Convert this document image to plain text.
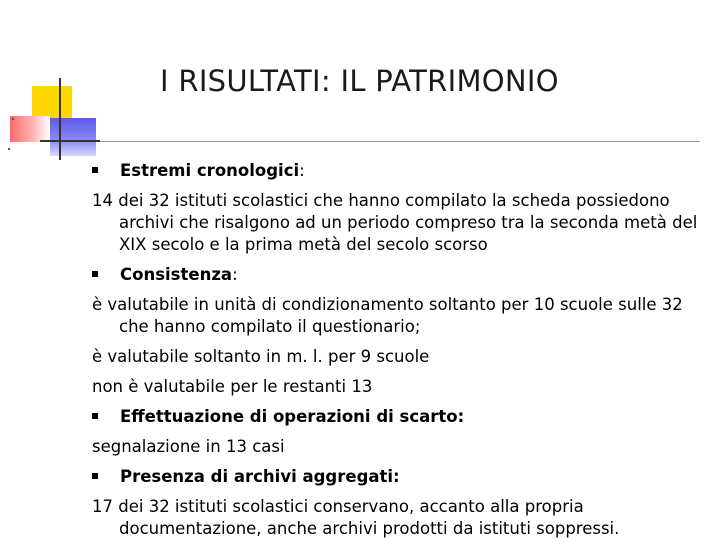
I RISULTATI: IL PATRIMONIO
Estremi cronologici:

14 dei 32 istituti scolastici che hanno compilato la scheda possiedono archivi che risalgono ad un periodo compreso tra la seconda metà del XIX secolo e la prima metà del secolo scorso

Consistenza:

è valutabile in unità di condizionamento soltanto per 10 scuole sulle 32 che hanno compilato il questionario;

è valutabile soltanto in m. l. per 9 scuole

non è valutabile per le restanti 13

Effettuazione di operazioni di scarto:

segnalazione in 13 casi

Presenza di archivi aggregati:

17 dei 32 istituti scolastici conservano, accanto alla propria documentazione, anche archivi prodotti da istituti soppressi.
